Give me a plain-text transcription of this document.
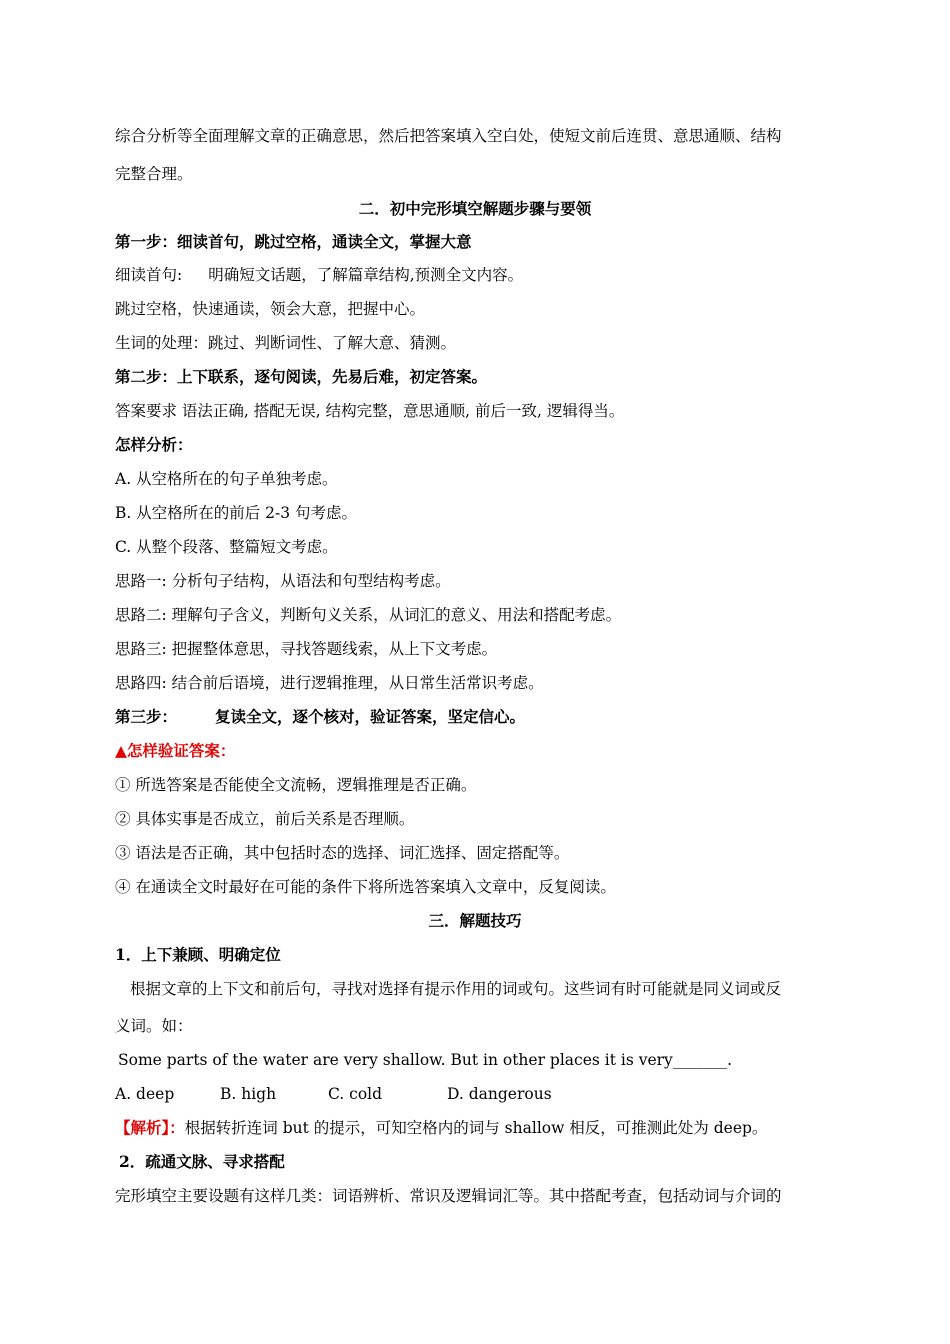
综合分析等全面理解文章的正确意思，然后把答案填入空白处，使短文前后连贯、意思通顺、结构
完整合理。
二．初中完形填空解题步骤与要领
第一步：细读首句，跳过空格，通读全文，掌握大意
细读首句: 明确短文话题，了解篇章结构,预测全文内容。
跳过空格，快速通读，领会大意，把握中心。
生词的处理：跳过、判断词性、了解大意、猜测。
第二步：上下联系，逐句阅读，先易后难，初定答案。
答案要求 语法正确, 搭配无误, 结构完整，意思通顺, 前后一致, 逻辑得当。
怎样分析：
A. 从空格所在的句子单独考虑。
B. 从空格所在的前后 2-3 句考虑。
C. 从整个段落、整篇短文考虑。
思路一: 分析句子结构，从语法和句型结构考虑。
思路二: 理解句子含义，判断句义关系，从词汇的意义、用法和搭配考虑。
思路三: 把握整体意思，寻找答题线索，从上下文考虑。
思路四: 结合前后语境，进行逻辑推理，从日常生活常识考虑。
第三步： 复读全文，逐个核对，验证答案，坚定信心。
▲怎样验证答案：
① 所选答案是否能使全文流畅，逻辑推理是否正确。
② 具体实事是否成立，前后关系是否理顺。
③ 语法是否正确，其中包括时态的选择、词汇选择、固定搭配等。
④ 在通读全文时最好在可能的条件下将所选答案填入文章中，反复阅读。
三．解题技巧
1．上下兼顾、明确定位
根据文章的上下文和前后句，寻找对选择有提示作用的词或句。这些词有时可能就是同义词或反
义词。如：
Some parts of the water are very shallow. But in other places it is very_______.
A. deep	B. high	C. cold	D. dangerous
【解析】：根据转折连词 but 的提示，可知空格内的词与 shallow 相反，可推测此处为 deep。
2．疏通文脉、寻求搭配
完形填空主要设题有这样几类：词语辨析、常识及逻辑词汇等。其中搭配考查，包括动词与介词的
